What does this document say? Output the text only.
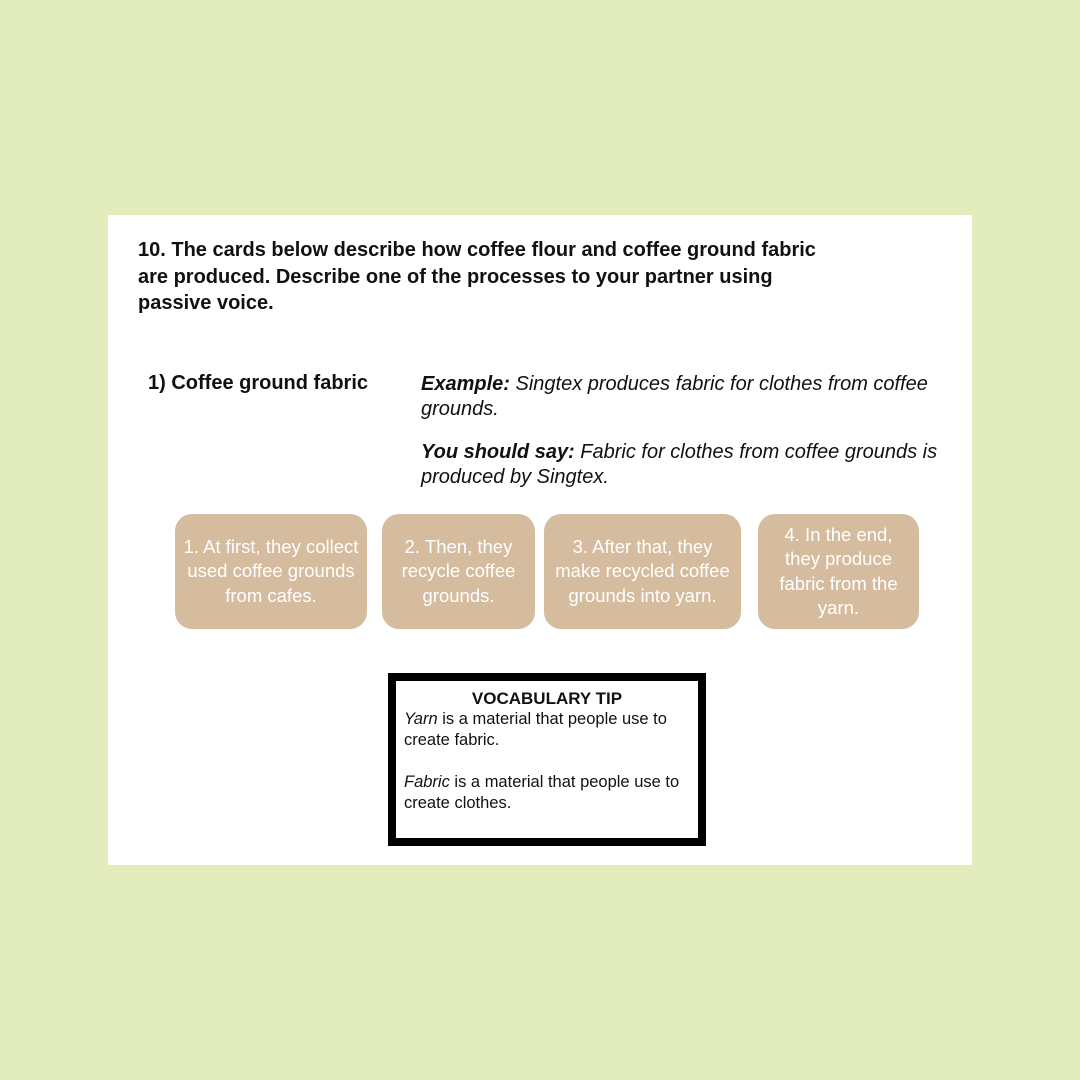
10. The cards below describe how coffee flour and coffee ground fabric are produced. Describe one of the processes to your partner using passive voice.

1) Coffee ground fabric	Example: Singtex produces fabric for clothes from coffee grounds.

You should say: Fabric for clothes from coffee grounds is produced by Singtex.

1. At first, they collect used coffee grounds from cafes.
2. Then, they recycle coffee grounds.
3. After that, they make recycled coffee grounds into yarn.
4. In the end, they produce fabric from the yarn.

VOCABULARY TIP

Yarn is a material that people use to create fabric.

Fabric is a material that people use to create clothes.
